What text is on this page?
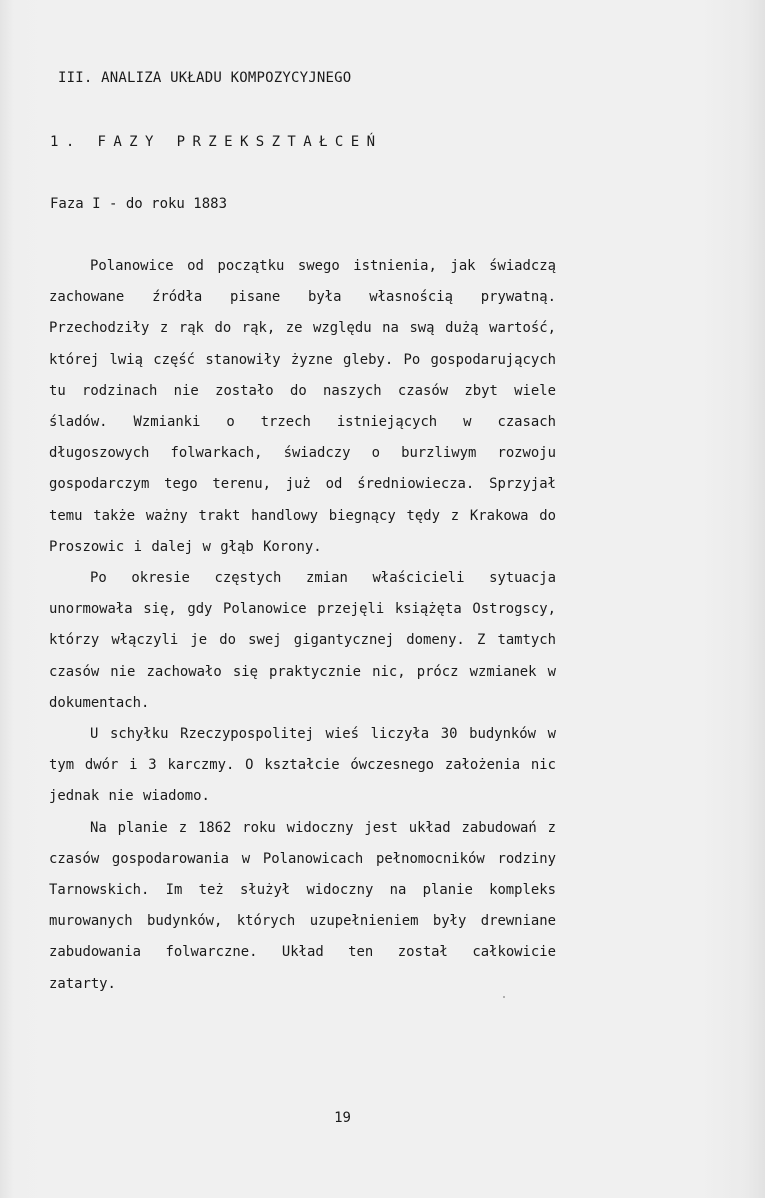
III. ANALIZA UKŁADU KOMPOZYCYJNEGO
1. FAZY PRZEKSZTAŁCEŃ
Faza I - do roku 1883

Polanowice od początku swego istnienia, jak świadczą zachowane źródła pisane była własnością prywatną. Przechodziły z rąk do rąk, ze względu na swą dużą wartość, której lwią część stanowiły żyzne gleby. Po gospodarujących tu rodzinach nie zostało do naszych czasów zbyt wiele śladów. Wzmianki o trzech istniejących w czasach długoszowych folwarkach, świadczy o burzliwym rozwoju gospodarczym tego terenu, już od średniowiecza. Sprzyjał temu także ważny trakt handlowy biegnący tędy z Krakowa do Proszowic i dalej w głąb Korony.

Po okresie częstych zmian właścicieli sytuacja unormowała się, gdy Polanowice przejęli książęta Ostrogscy, którzy włączyli je do swej gigantycznej domeny. Z tamtych czasów nie zachowało się praktycznie nic, prócz wzmianek w dokumentach.

U schyłku Rzeczypospolitej wieś liczyła 30 budynków w tym dwór i 3 karczmy. O kształcie ówczesnego założenia nic jednak nie wiadomo.

Na planie z 1862 roku widoczny jest układ zabudowań z czasów gospodarowania w Polanowicach pełnomocników rodziny Tarnowskich. Im też służył widoczny na planie kompleks murowanych budynków, których uzupełnieniem były drewniane zabudowania folwarczne. Układ ten został całkowicie zatarty.

19
